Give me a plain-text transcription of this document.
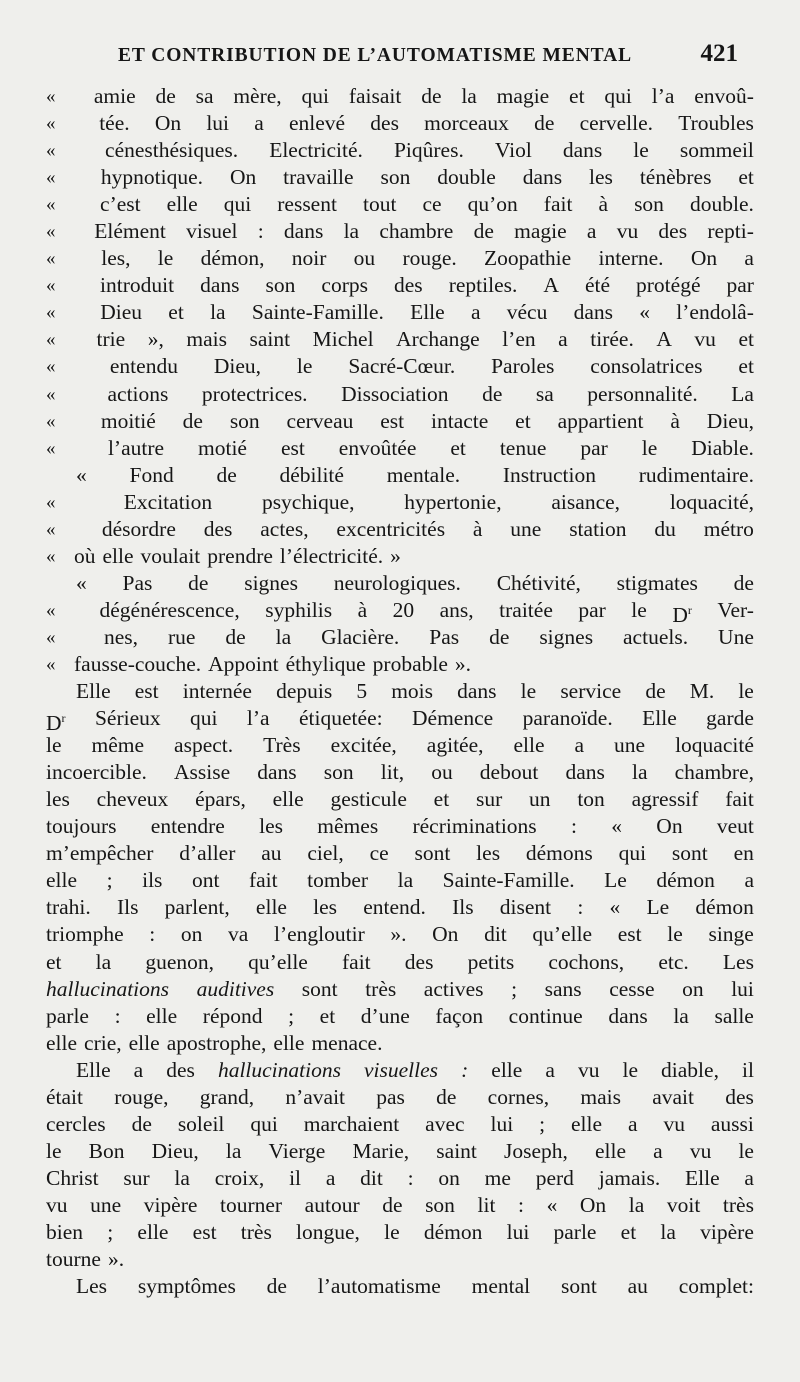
ET CONTRIBUTION DE L’AUTOMATISME MENTAL	421
«	amie de sa mère, qui faisait de la magie et qui l’a envoû-
«	tée. On lui a enlevé des morceaux de cervelle. Troubles
«	cénesthésiques. Electricité. Piqûres. Viol dans le sommeil
«	hypnotique. On travaille son double dans les ténèbres et
«	c’est elle qui ressent tout ce qu’on fait à son double.
«	Elément visuel : dans la chambre de magie a vu des repti-
«	les, le démon, noir ou rouge. Zoopathie interne. On a
«	introduit dans son corps des reptiles. A été protégé par
«	Dieu et la Sainte-Famille. Elle a vécu dans « l’endolâ-
«	trie », mais saint Michel Archange l’en a tirée. A vu et
«	entendu Dieu, le Sacré-Cœur. Paroles consolatrices et
«	actions protectrices. Dissociation de sa personnalité. La
«	moitié de son cerveau est intacte et appartient à Dieu,
«	l’autre motié est envoûtée et tenue par le Diable.
« Fond de débilité mentale. Instruction rudimentaire.
«	Excitation psychique, hypertonie, aisance, loquacité,
«	désordre des actes, excentricités à une station du métro
« où elle voulait prendre l’électricité. »
« Pas de signes neurologiques. Chétivité, stigmates de
«	dégénérescence, syphilis à 20 ans, traitée par le $D^r$ Ver-
«	nes, rue de la Glacière. Pas de signes actuels. Une
« fausse-couche. Appoint éthylique probable ».
Elle est internée depuis 5 mois dans le service de M. le
$D^r$ Sérieux qui l’a étiquetée: Démence paranoïde. Elle garde
le même aspect. Très excitée, agitée, elle a une loquacité
incoercible. Assise dans son lit, ou debout dans la chambre,
les cheveux épars, elle gesticule et sur un ton agressif fait
toujours entendre les mêmes récriminations : « On veut
m’empêcher d’aller au ciel, ce sont les démons qui sont en
elle ; ils ont fait tomber la Sainte-Famille. Le démon a
trahi. Ils parlent, elle les entend. Ils disent : « Le démon
triomphe : on va l’engloutir ». On dit qu’elle est le singe
et la guenon, qu’elle fait des petits cochons, etc. Les
hallucinations auditives sont très actives ; sans cesse on lui
parle : elle répond ; et d’une façon continue dans la salle
elle crie, elle apostrophe, elle menace.
Elle a des hallucinations visuelles : elle a vu le diable, il
était rouge, grand, n’avait pas de cornes, mais avait des
cercles de soleil qui marchaient avec lui ; elle a vu aussi
le Bon Dieu, la Vierge Marie, saint Joseph, elle a vu le
Christ sur la croix, il a dit : on me perd jamais. Elle a
vu une vipère tourner autour de son lit : « On la voit très
bien ; elle est très longue, le démon lui parle et la vipère
tourne ».
Les symptômes de l’automatisme mental sont au complet:
